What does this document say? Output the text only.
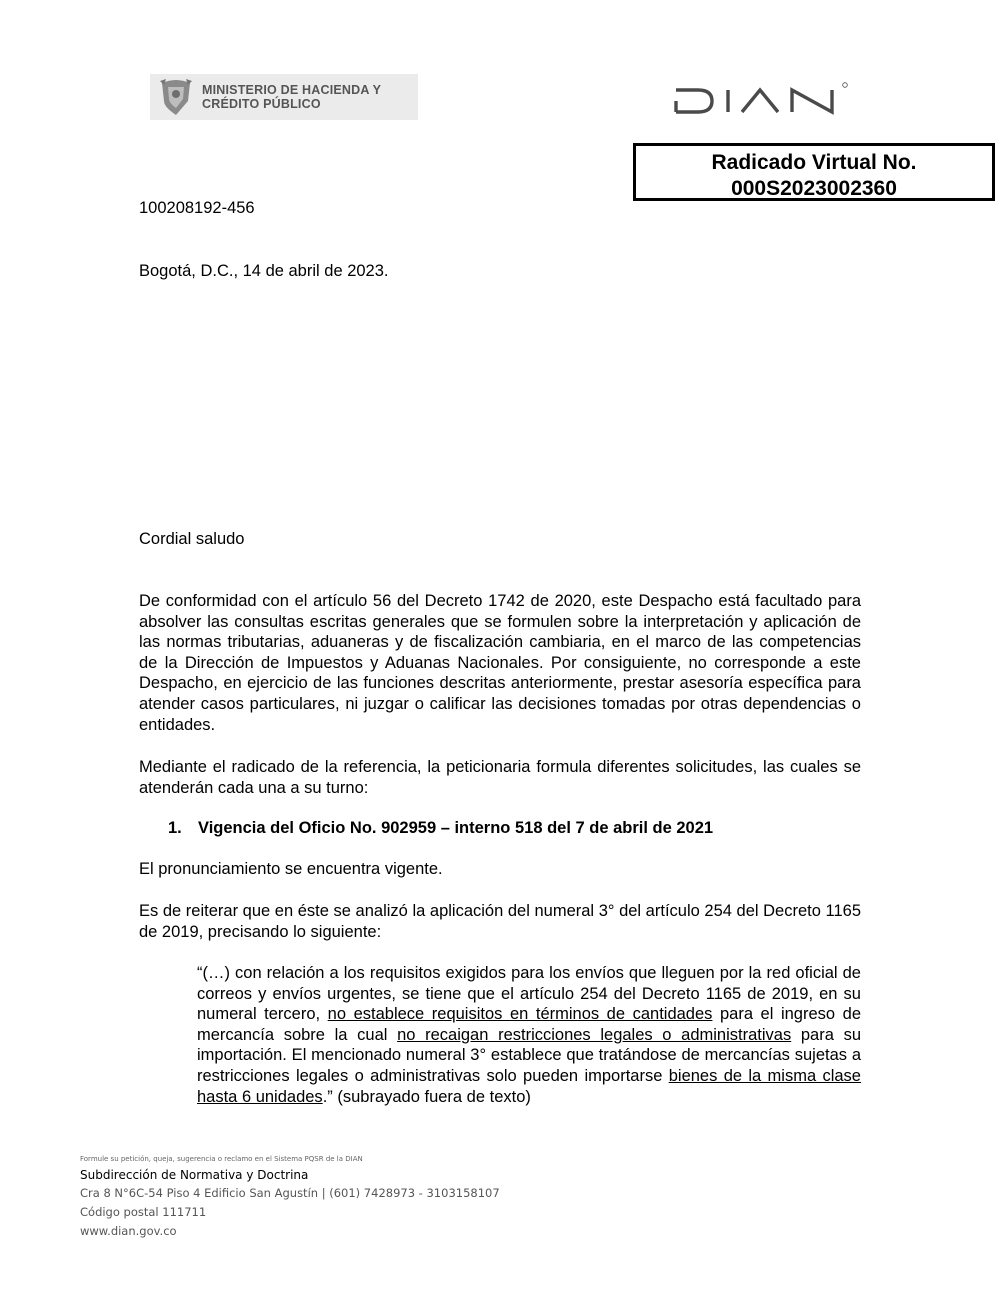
MINISTERIO DE HACIENDA Y
CRÉDITO PÚBLICO
Radicado Virtual No.
000S2023002360
100208192-456
Bogotá, D.C., 14 de abril de 2023.
Cordial saludo
De conformidad con el artículo 56 del Decreto 1742 de 2020, este Despacho está facultado para absolver las consultas escritas generales que se formulen sobre la interpretación y aplicación de las normas tributarias, aduaneras y de fiscalización cambiaria, en el marco de las competencias de la Dirección de Impuestos y Aduanas Nacionales. Por consiguiente, no corresponde a este Despacho, en ejercicio de las funciones descritas anteriormente, prestar asesoría específica para atender casos particulares, ni juzgar o calificar las decisiones tomadas por otras dependencias o entidades.
Mediante el radicado de la referencia, la peticionaria formula diferentes solicitudes, las cuales se atenderán cada una a su turno:
1. Vigencia del Oficio No. 902959 – interno 518 del 7 de abril de 2021
El pronunciamiento se encuentra vigente.
Es de reiterar que en éste se analizó la aplicación del numeral 3° del artículo 254 del Decreto 1165 de 2019, precisando lo siguiente:
“(…) con relación a los requisitos exigidos para los envíos que lleguen por la red oficial de correos y envíos urgentes, se tiene que el artículo 254 del Decreto 1165 de 2019, en su numeral tercero, no establece requisitos en términos de cantidades para el ingreso de mercancía sobre la cual no recaigan restricciones legales o administrativas para su importación. El mencionado numeral 3° establece que tratándose de mercancías sujetas a restricciones legales o administrativas solo pueden importarse bienes de la misma clase hasta 6 unidades.” (subrayado fuera de texto)
Formule su petición, queja, sugerencia o reclamo en el Sistema PQSR de la DIAN
Subdirección de Normativa y Doctrina
Cra 8 N°6C-54 Piso 4 Edificio San Agustín | (601) 7428973 - 3103158107
Código postal 111711
www.dian.gov.co
